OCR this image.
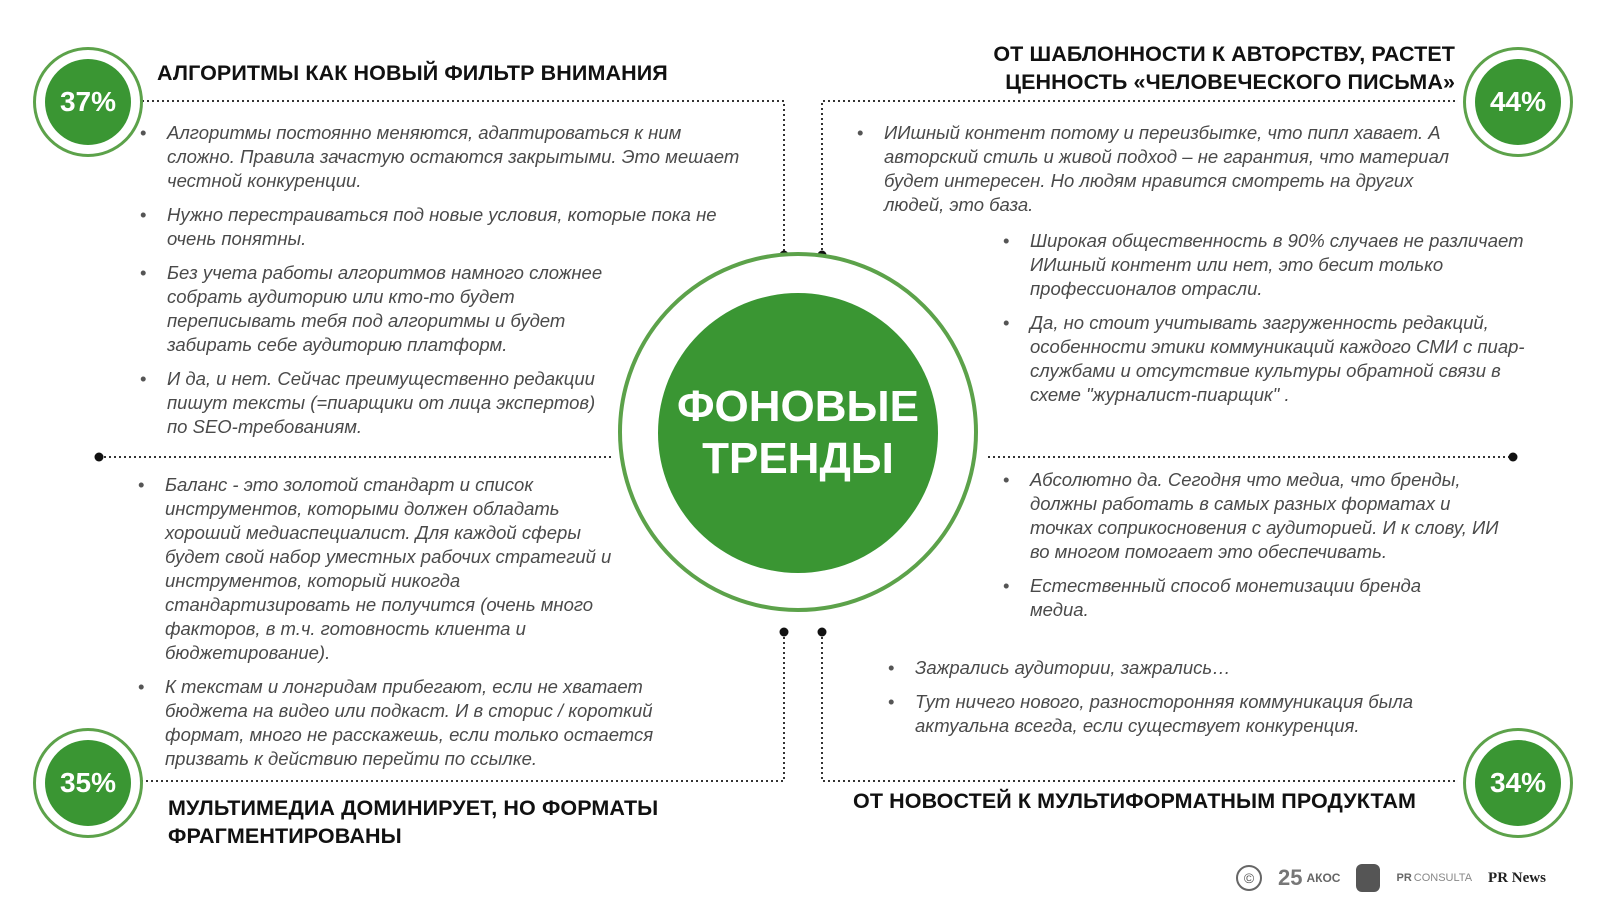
ФОНОВЫЕ
ТРЕНДЫ
37%
АЛГОРИТМЫ КАК НОВЫЙ ФИЛЬТР ВНИМАНИЯ
• Алгоритмы постоянно меняются, адаптироваться к ним сложно. Правила зачастую остаются закрытыми. Это мешает честной конкуренции.
• Нужно перестраиваться под новые условия, которые пока не очень понятны.
• Без учета работы алгоритмов намного сложнее собрать аудиторию или кто-то будет переписывать тебя под алгоритмы и будет забирать себе аудиторию платформ.
• И да, и нет. Сейчас преимущественно редакции пишут тексты (=пиарщики от лица экспертов) по SEO-требованиям.
44%
ОТ ШАБЛОННОСТИ К АВТОРСТВУ, РАСТЕТ
ЦЕННОСТЬ «ЧЕЛОВЕЧЕСКОГО ПИСЬМА»
• ИИшный контент потому и переизбытке, что пипл хавает. А авторский стиль и живой подход – не гарантия, что материал будет интересен. Но людям нравится смотреть на других людей, это база.
• Широкая общественность в 90% случаев не различает ИИшный контент или нет, это бесит только профессионалов отрасли.
• Да, но стоит учитывать загруженность редакций, особенности этики коммуникаций каждого СМИ с пиар-службами и отсутствие культуры обратной связи в схеме "журналист-пиарщик" .
35%
• Баланс - это золотой стандарт и список инструментов, которыми должен обладать хороший медиаспециалист. Для каждой сферы будет свой набор уместных рабочих стратегий и инструментов, который никогда стандартизировать не получится (очень много факторов, в т.ч. готовность клиента и бюджетирование).
• К текстам и лонгридам прибегают, если не хватает бюджета на видео или подкаст. И в сторис / короткий формат, много не расскажешь, если только остается призвать к действию перейти по ссылке.
МУЛЬТИМЕДИА ДОМИНИРУЕТ, НО ФОРМАТЫ
ФРАГМЕНТИРОВАНЫ
34%
• Абсолютно да. Сегодня что медиа, что бренды, должны работать в самых разных форматах и точках соприкосновения с аудиторией. И к слову, ИИ во многом помогает это обеспечивать.
• Естественный способ монетизации бренда медиа.
• Зажрались аудитории, зажрались…
• Тут ничего нового, разносторонняя коммуникация была актуальна всегда, если существует конкуренция.
ОТ НОВОСТЕЙ К МУЛЬТИФОРМАТНЫМ ПРОДУКТАМ
©	25 АКОС	PR CONSULTA PR News
